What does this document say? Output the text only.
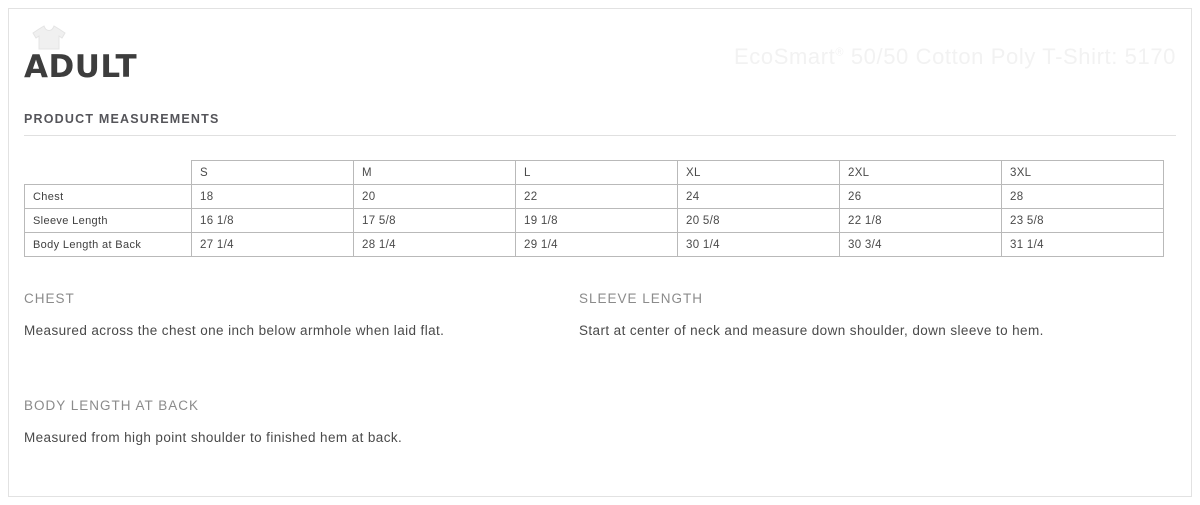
ADULT	EcoSmart® 50/50 Cotton Poly T-Shirt: 5170
PRODUCT MEASUREMENTS
	S	M	L	XL	2XL	3XL
Chest	18	20	22	24	26	28
Sleeve Length	16 1/8	17 5/8	19 1/8	20 5/8	22 1/8	23 5/8
Body Length at Back	27 1/4	28 1/4	29 1/4	30 1/4	30 3/4	31 1/4
CHEST
Measured across the chest one inch below armhole when laid flat.
SLEEVE LENGTH
Start at center of neck and measure down shoulder, down sleeve to hem.
BODY LENGTH AT BACK
Measured from high point shoulder to finished hem at back.
